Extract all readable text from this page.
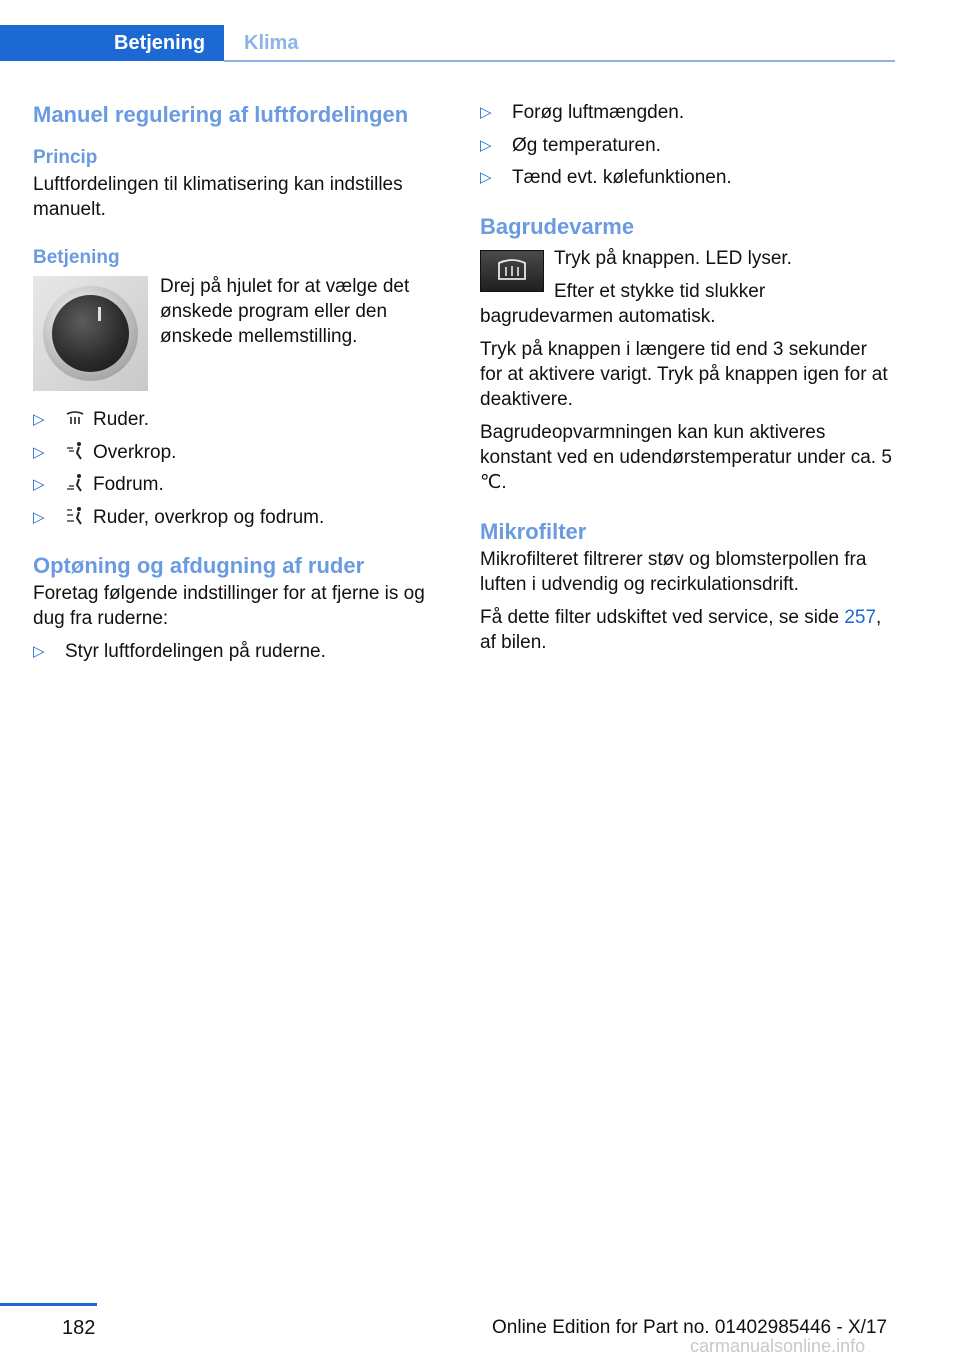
Betjening	Klima
Manuel regulering af luftfordelingen
Princip

Luftfordelingen til klimatisering kan indstilles manuelt.

Betjening

Drej på hjulet for at vælge det ønskede program eller den ønskede mellemstilling.

▷	Ruder.
▷	Overkrop.
▷	Fodrum.
▷	Ruder, overkrop og fodrum.
Optøning og afdugning af ruder

Foretag følgende indstillinger for at fjerne is og dug fra ruderne:

▷ Styr luftfordelingen på ruderne.
▷ Forøg luftmængden.
▷ Øg temperaturen.
▷ Tænd evt. kølefunktionen.
Bagrudevarme

Tryk på knappen. LED lyser.

Efter et stykke tid slukker bagrudevarmen automatisk.

Tryk på knappen i længere tid end 3 sekunder for at aktivere varigt. Tryk på knappen igen for at deaktivere.

Bagrudeopvarmningen kan kun aktiveres konstant ved en udendørstemperatur under ca. 5 ℃.

Mikrofilter

Mikrofilteret filtrerer støv og blomsterpollen fra luften i udvendig og recirkulationsdrift.

Få dette filter udskiftet ved service, se side 257, af bilen.

182	Online Edition for Part no. 01402985446 - X/17
carmanualsonline.info
